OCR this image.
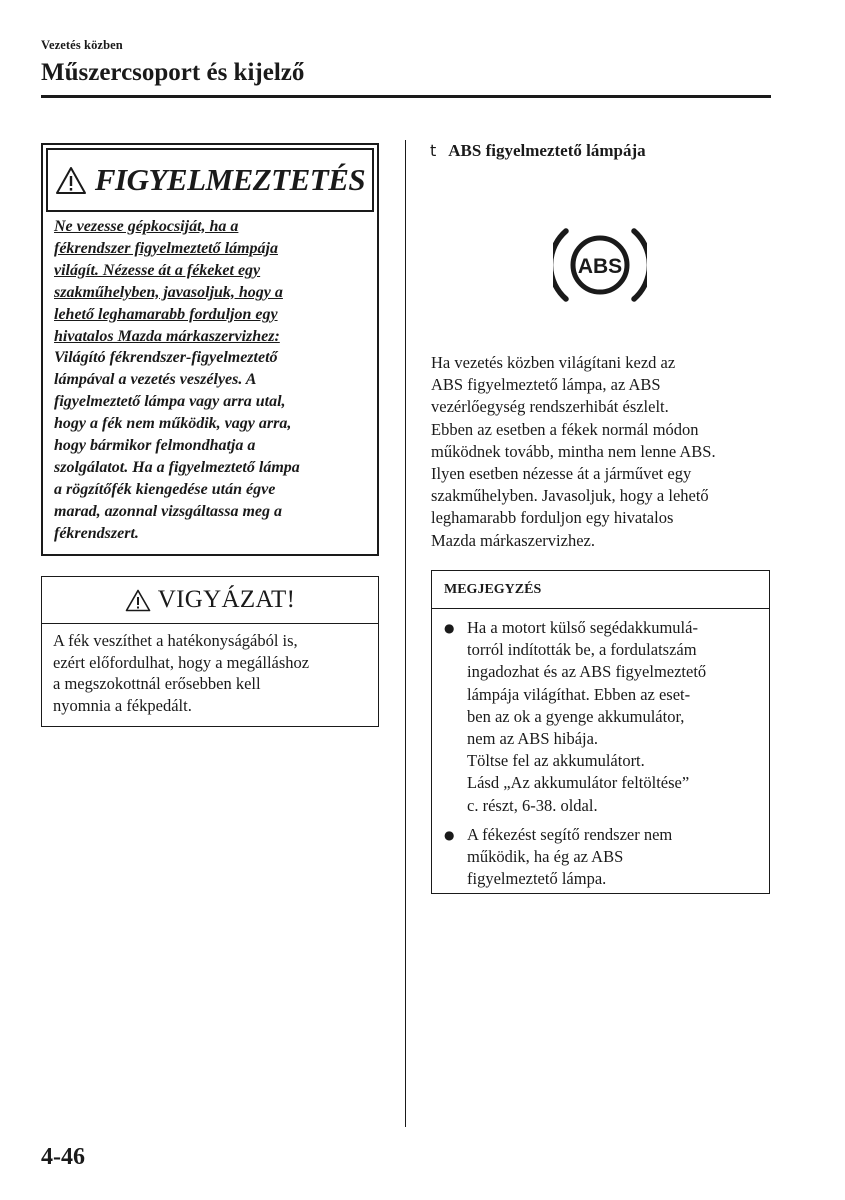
Vezetés közben
Műszercsoport és kijelző
FIGYELMEZTETÉS
Ne vezesse gépkocsiját, ha a
fékrendszer figyelmeztető lámpája
világít. Nézesse át a fékeket egy
szakműhelyben, javasoljuk, hogy a
lehető leghamarabb forduljon egy
hivatalos Mazda márkaszervizhez:
Világító fékrendszer-figyelmeztető
lámpával a vezetés veszélyes. A
figyelmeztető lámpa vagy arra utal,
hogy a fék nem működik, vagy arra,
hogy bármikor felmondhatja a
szolgálatot. Ha a figyelmeztető lámpa
a rögzítőfék kiengedése után égve
marad, azonnal vizsgáltassa meg a
fékrendszert.
VIGYÁZAT!
A fék veszíthet a hatékonyságából is,
ezért előfordulhat, hogy a megálláshoz
a megszokottnál erősebben kell
nyomnia a fékpedált.
t ABS figyelmeztető lámpája
ABS
Ha vezetés közben világítani kezd az
ABS figyelmeztető lámpa, az ABS
vezérlőegység rendszerhibát észlelt.
Ebben az esetben a fékek normál módon
működnek tovább, mintha nem lenne ABS.
Ilyen esetben nézesse át a járművet egy
szakműhelyben. Javasoljuk, hogy a lehető
leghamarabb forduljon egy hivatalos
Mazda márkaszervizhez.
MEGJEGYZÉS
● Ha a motort külső segédakkumulá-
torról indították be, a fordulatszám
ingadozhat és az ABS figyelmeztető
lámpája világíthat. Ebben az eset-
ben az ok a gyenge akkumulátor,
nem az ABS hibája.
Töltse fel az akkumulátort.
Lásd „Az akkumulátor feltöltése”
c. részt, 6-38. oldal.
● A fékezést segítő rendszer nem
működik, ha ég az ABS
figyelmeztető lámpa.
4-46
